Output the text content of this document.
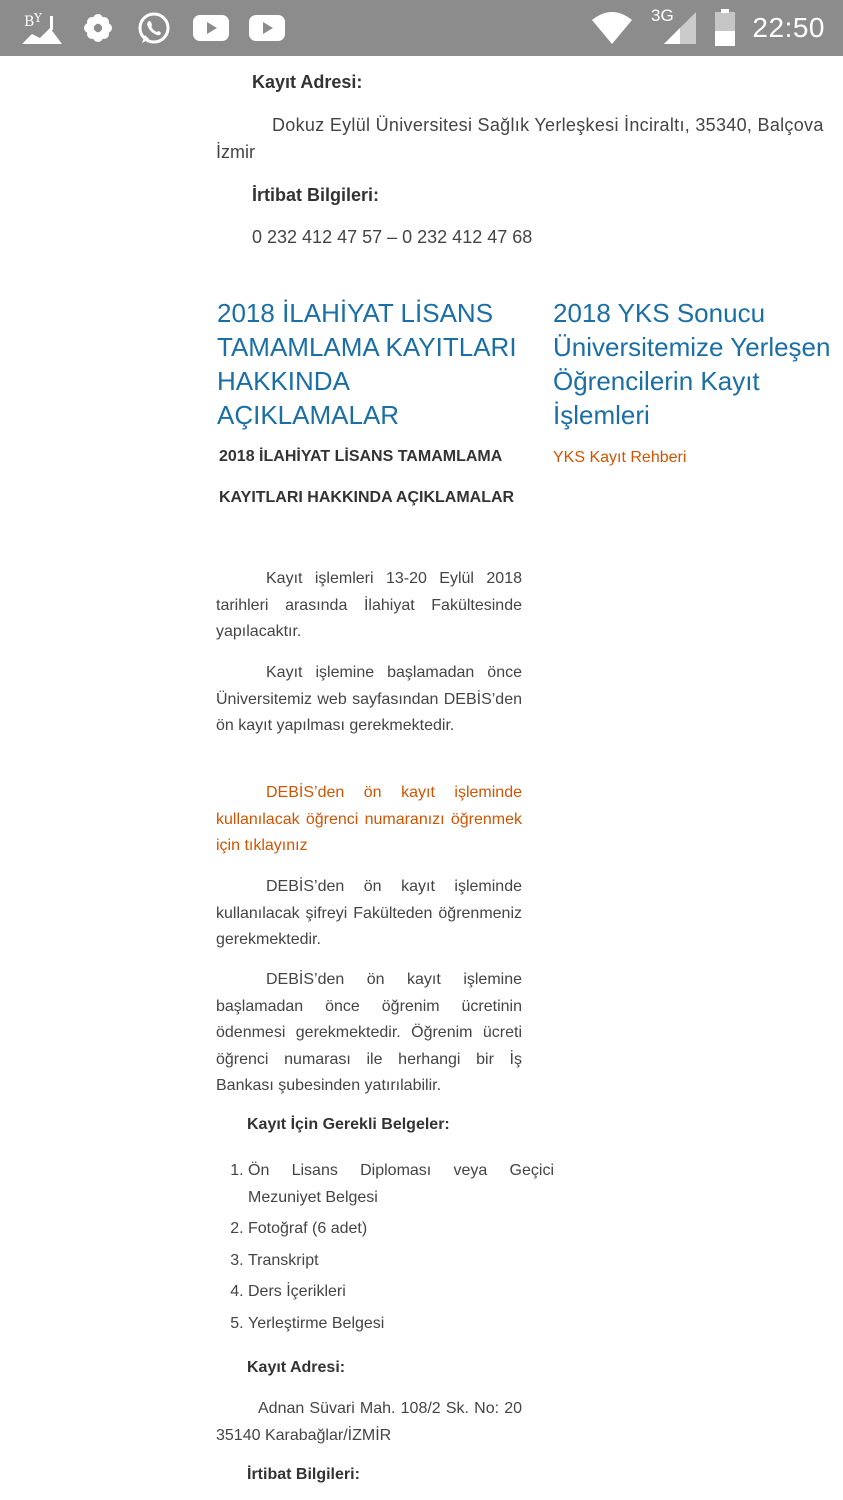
B Y	3G	22:50
Kayıt Adresi:
Dokuz Eylül Üniversitesi Sağlık Yerleşkesi İnciraltı, 35340, Balçova
İzmir
İrtibat Bilgileri:
0 232 412 47 57 – 0 232 412 47 68
2018 İLAHİYAT LİSANS TAMAMLAMA KAYITLARI HAKKINDA AÇIKLAMALAR
2018 İLAHİYAT LİSANS TAMAMLAMA
KAYITLARI HAKKINDA AÇIKLAMALAR
Kayıt işlemleri 13-20 Eylül 2018 tarihleri arasında İlahiyat Fakültesinde yapılacaktır.
Kayıt işlemine başlamadan önce Üniversitemiz web sayfasından DEBİS’den ön kayıt yapılması gerekmektedir.
DEBİS’den ön kayıt işleminde kullanılacak öğrenci numaranızı öğrenmek için tıklayınız
DEBİS’den ön kayıt işleminde kullanılacak şifreyi Fakülteden öğrenmeniz gerekmektedir.
DEBİS’den ön kayıt işlemine başlamadan önce öğrenim ücretinin ödenmesi gerekmektedir. Öğrenim ücreti öğrenci numarası ile herhangi bir İş Bankası şubesinden yatırılabilir.
Kayıt İçin Gerekli Belgeler:
1. Ön Lisans Diploması veya Geçici Mezuniyet Belgesi
2. Fotoğraf (6 adet)
3. Transkript
4. Ders İçerikleri
5. Yerleştirme Belgesi
Kayıt Adresi:
Adnan Süvari Mah. 108/2 Sk. No: 20 35140 Karabağlar/İZMİR
İrtibat Bilgileri:
2018 YKS Sonucu Üniversitemize Yerleşen Öğrencilerin Kayıt İşlemleri
YKS Kayıt Rehberi
